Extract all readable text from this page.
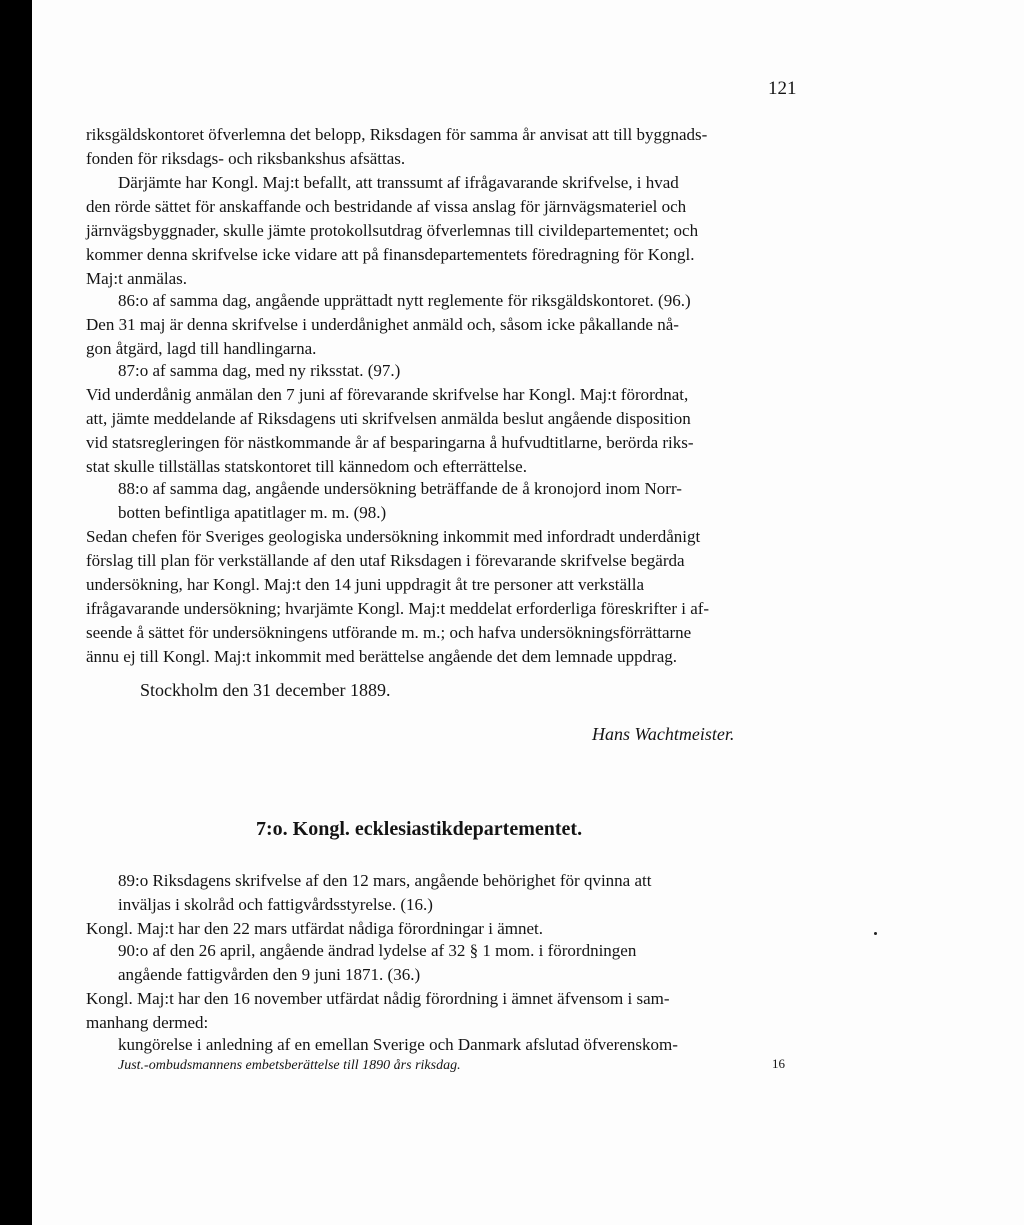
121
riksgäldskontoret öfverlemna det belopp, Riksdagen för samma år anvisat att till byggnads-
fonden för riksdags- och riksbankshus afsättas.
Därjämte har Kongl. Maj:t befallt, att transsumt af ifrågavarande skrifvelse, i hvad
den rörde sättet för anskaffande och bestridande af vissa anslag för järnvägsmateriel och
järnvägsbyggnader, skulle jämte protokollsutdrag öfverlemnas till civildepartementet; och
kommer denna skrifvelse icke vidare att på finansdepartementets föredragning för Kongl.
Maj:t anmälas.
86:o af samma dag, angående upprättadt nytt reglemente för riksgäldskontoret. (96.)
Den 31 maj är denna skrifvelse i underdånighet anmäld och, såsom icke påkallande nå-
gon åtgärd, lagd till handlingarna.
87:o af samma dag, med ny riksstat. (97.)
Vid underdånig anmälan den 7 juni af förevarande skrifvelse har Kongl. Maj:t förordnat,
att, jämte meddelande af Riksdagens uti skrifvelsen anmälda beslut angående disposition
vid statsregleringen för nästkommande år af besparingarna å hufvudtitlarne, berörda riks-
stat skulle tillställas statskontoret till kännedom och efterrättelse.
88:o af samma dag, angående undersökning beträffande de å kronojord inom Norr-
botten befintliga apatitlager m. m. (98.)
Sedan chefen för Sveriges geologiska undersökning inkommit med infordradt underdånigt
förslag till plan för verkställande af den utaf Riksdagen i förevarande skrifvelse begärda
undersökning, har Kongl. Maj:t den 14 juni uppdragit åt tre personer att verkställa
ifrågavarande undersökning; hvarjämte Kongl. Maj:t meddelat erforderliga föreskrifter i af-
seende å sättet för undersökningens utförande m. m.; och hafva undersökningsförrättarne
ännu ej till Kongl. Maj:t inkommit med berättelse angående det dem lemnade uppdrag.
Stockholm den 31 december 1889.
Hans Wachtmeister.
7:o. Kongl. ecklesiastikdepartementet.
89:o Riksdagens skrifvelse af den 12 mars, angående behörighet för qvinna att
inväljas i skolråd och fattigvårdsstyrelse. (16.)
Kongl. Maj:t har den 22 mars utfärdat nådiga förordningar i ämnet.
90:o af den 26 april, angående ändrad lydelse af 32 § 1 mom. i förordningen
angående fattigvården den 9 juni 1871. (36.)
Kongl. Maj:t har den 16 november utfärdat nådig förordning i ämnet äfvensom i sam-
manhang dermed:
kungörelse i anledning af en emellan Sverige och Danmark afslutad öfverenskom-
Just.-ombudsmannens embetsberättelse till 1890 års riksdag.	16
